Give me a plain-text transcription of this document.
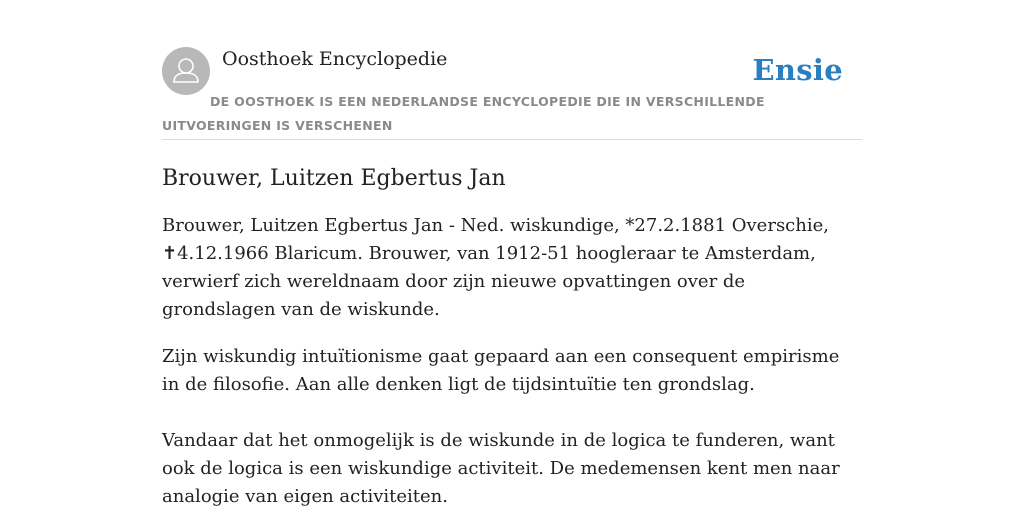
Oosthoek Encyclopedie	Ensie
DE OOSTHOEK IS EEN NEDERLANDSE ENCYCLOPEDIE DIE IN VERSCHILLENDE UITVOERINGEN IS VERSCHENEN
Brouwer, Luitzen Egbertus Jan

Brouwer, Luitzen Egbertus Jan - Ned. wiskundige, *27.2.1881 Overschie, ✝4.12.1966 Blaricum. Brouwer, van 1912-51 hoogleraar te Amsterdam, verwierf zich wereldnaam door zijn nieuwe opvattingen over de grondslagen van de wiskunde.

Zijn wiskundig intuïtionisme gaat gepaard aan een consequent empirisme in de filosofie. Aan alle denken ligt de tijdsintuïtie ten grondslag.

Vandaar dat het onmogelijk is de wiskunde in de logica te funderen, want ook de logica is een wiskundige activiteit. De medemensen kent men naar analogie van eigen activiteiten.
